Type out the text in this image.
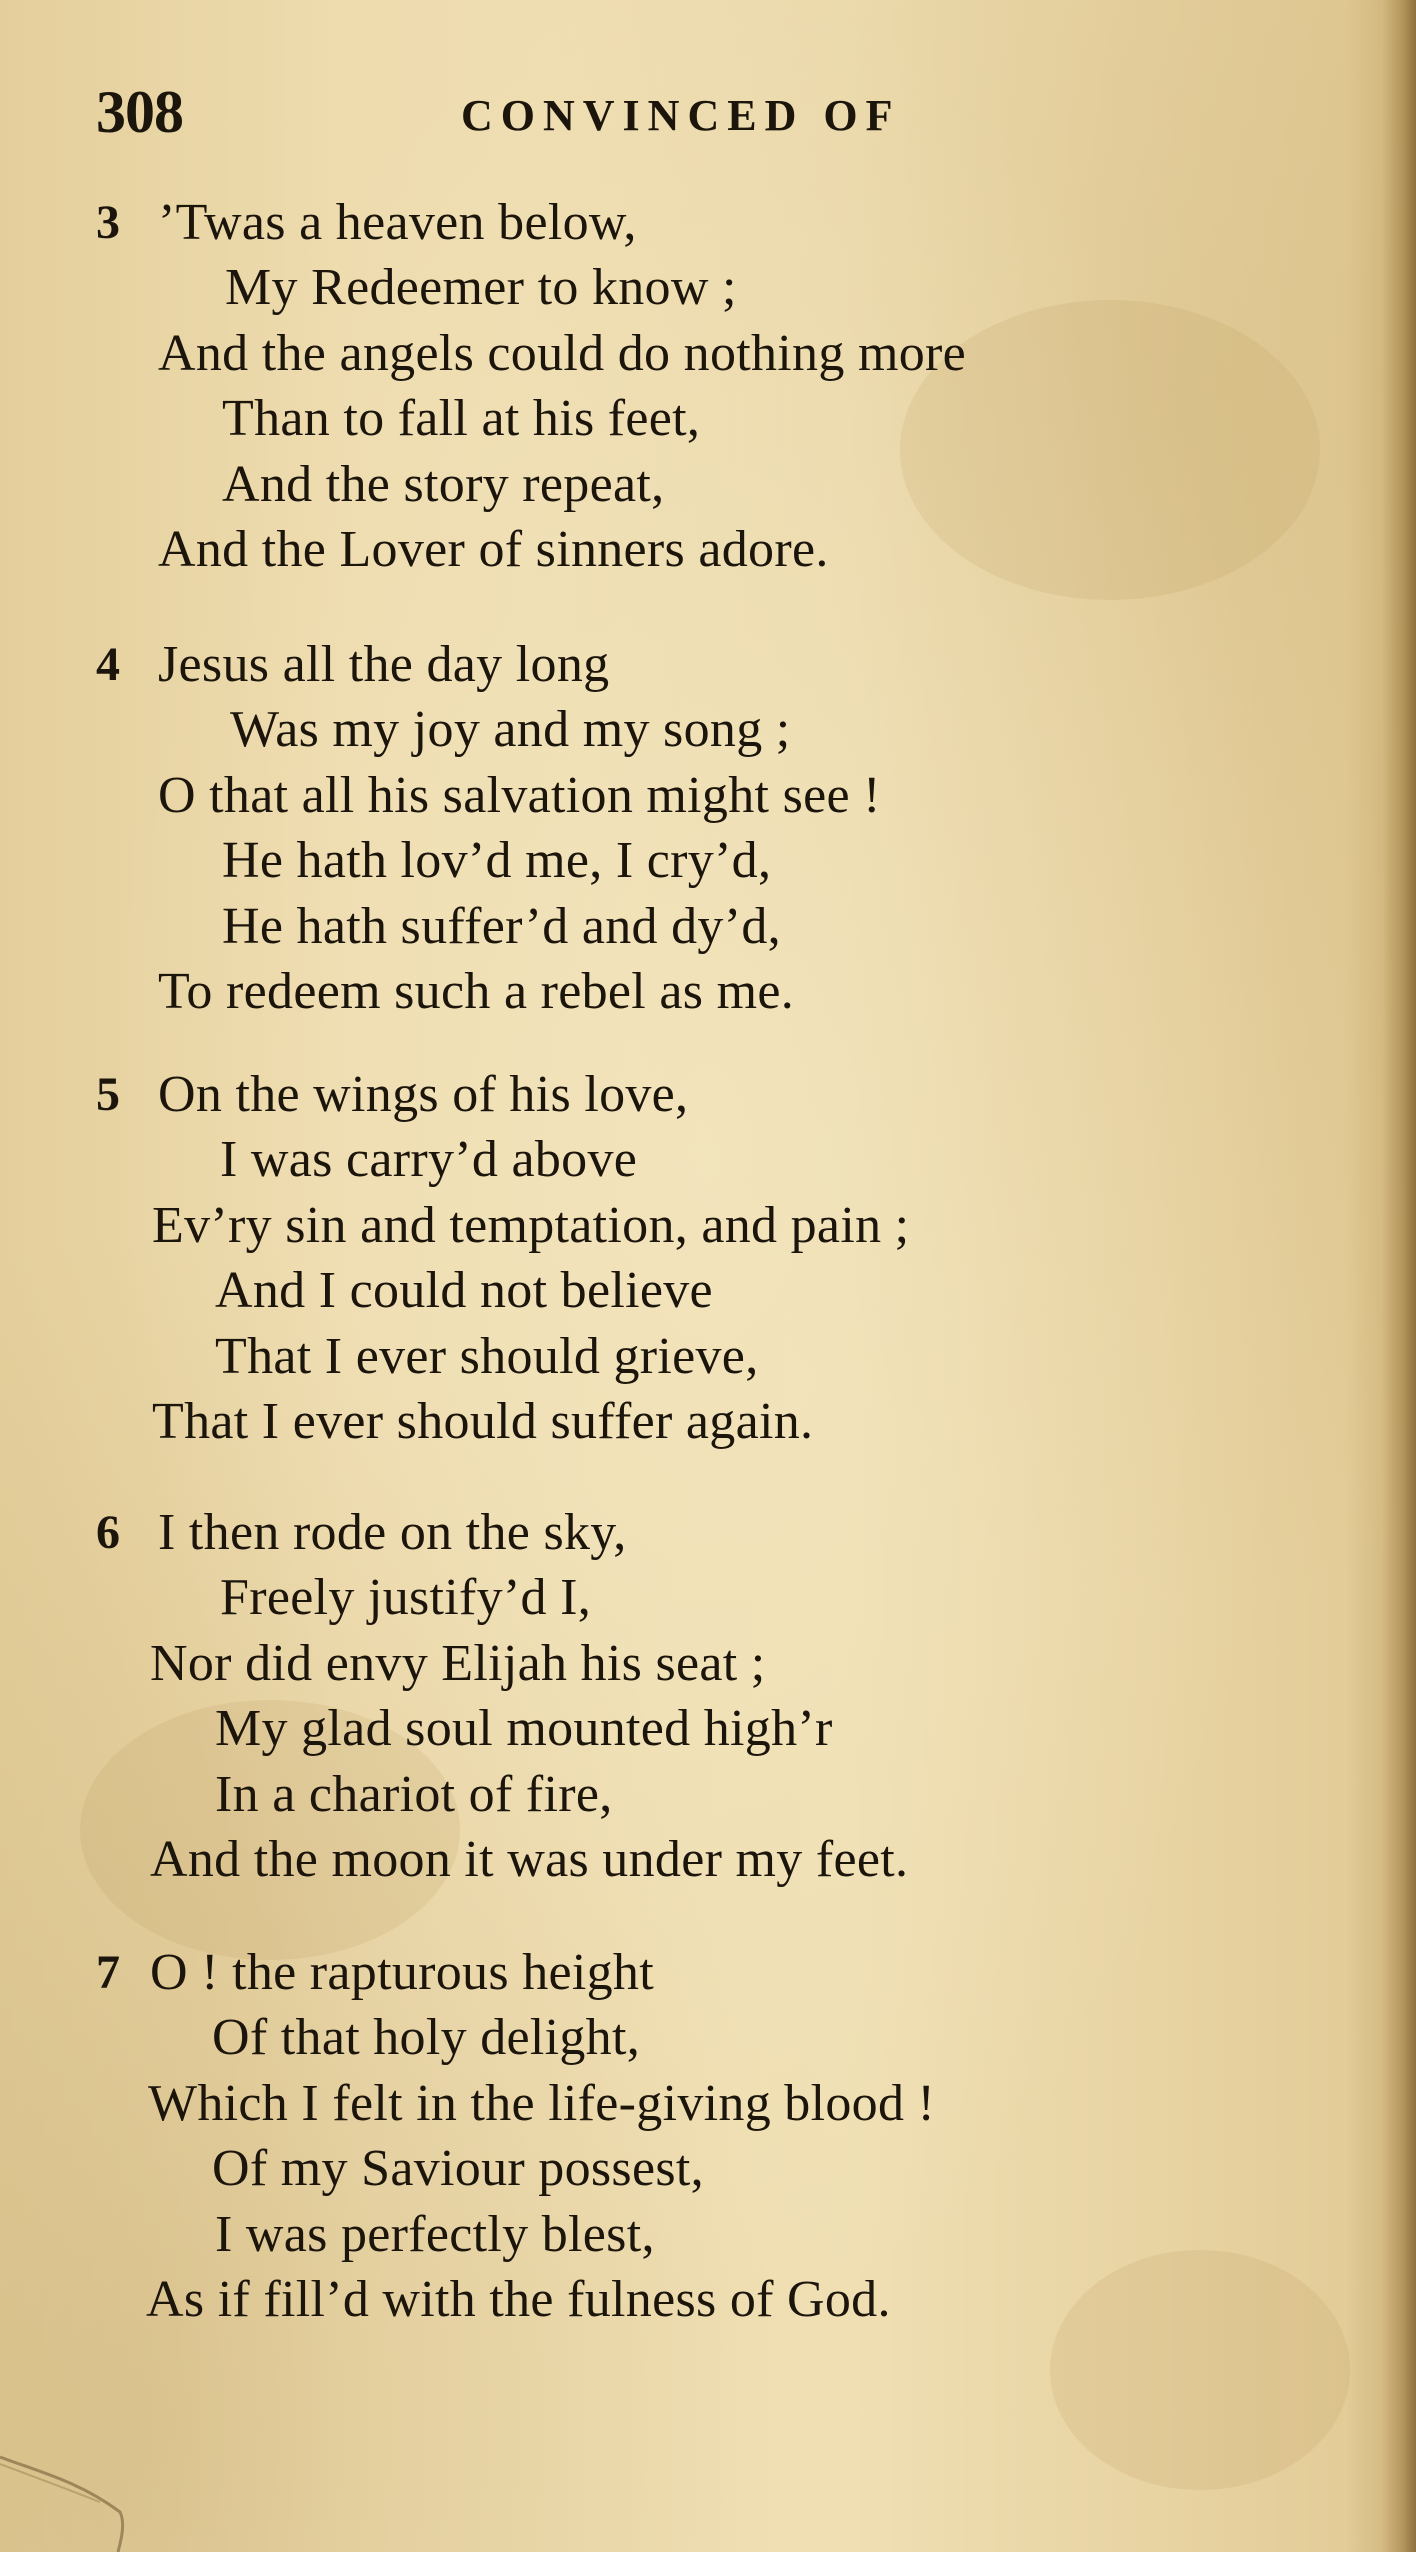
308	CONVINCED OF
3 ’Twas a heaven below,
My Redeemer to know ;
And the angels could do nothing more
Than to fall at his feet,
And the story repeat,
And the Lover of sinners adore.
4 Jesus all the day long
Was my joy and my song ;
O that all his salvation might see !
He hath lov’d me, I cry’d,
He hath suffer’d and dy’d,
To redeem such a rebel as me.
5 On the wings of his love,
I was carry’d above
Ev’ry sin and temptation, and pain ;
And I could not believe
That I ever should grieve,
That I ever should suffer again.
6 I then rode on the sky,
Freely justify’d I,
Nor did envy Elijah his seat ;
My glad soul mounted high’r
In a chariot of fire,
And the moon it was under my feet.
7 O ! the rapturous height
Of that holy delight,
Which I felt in the life-giving blood !
Of my Saviour possest,
I was perfectly blest,
As if fill’d with the fulness of God.
